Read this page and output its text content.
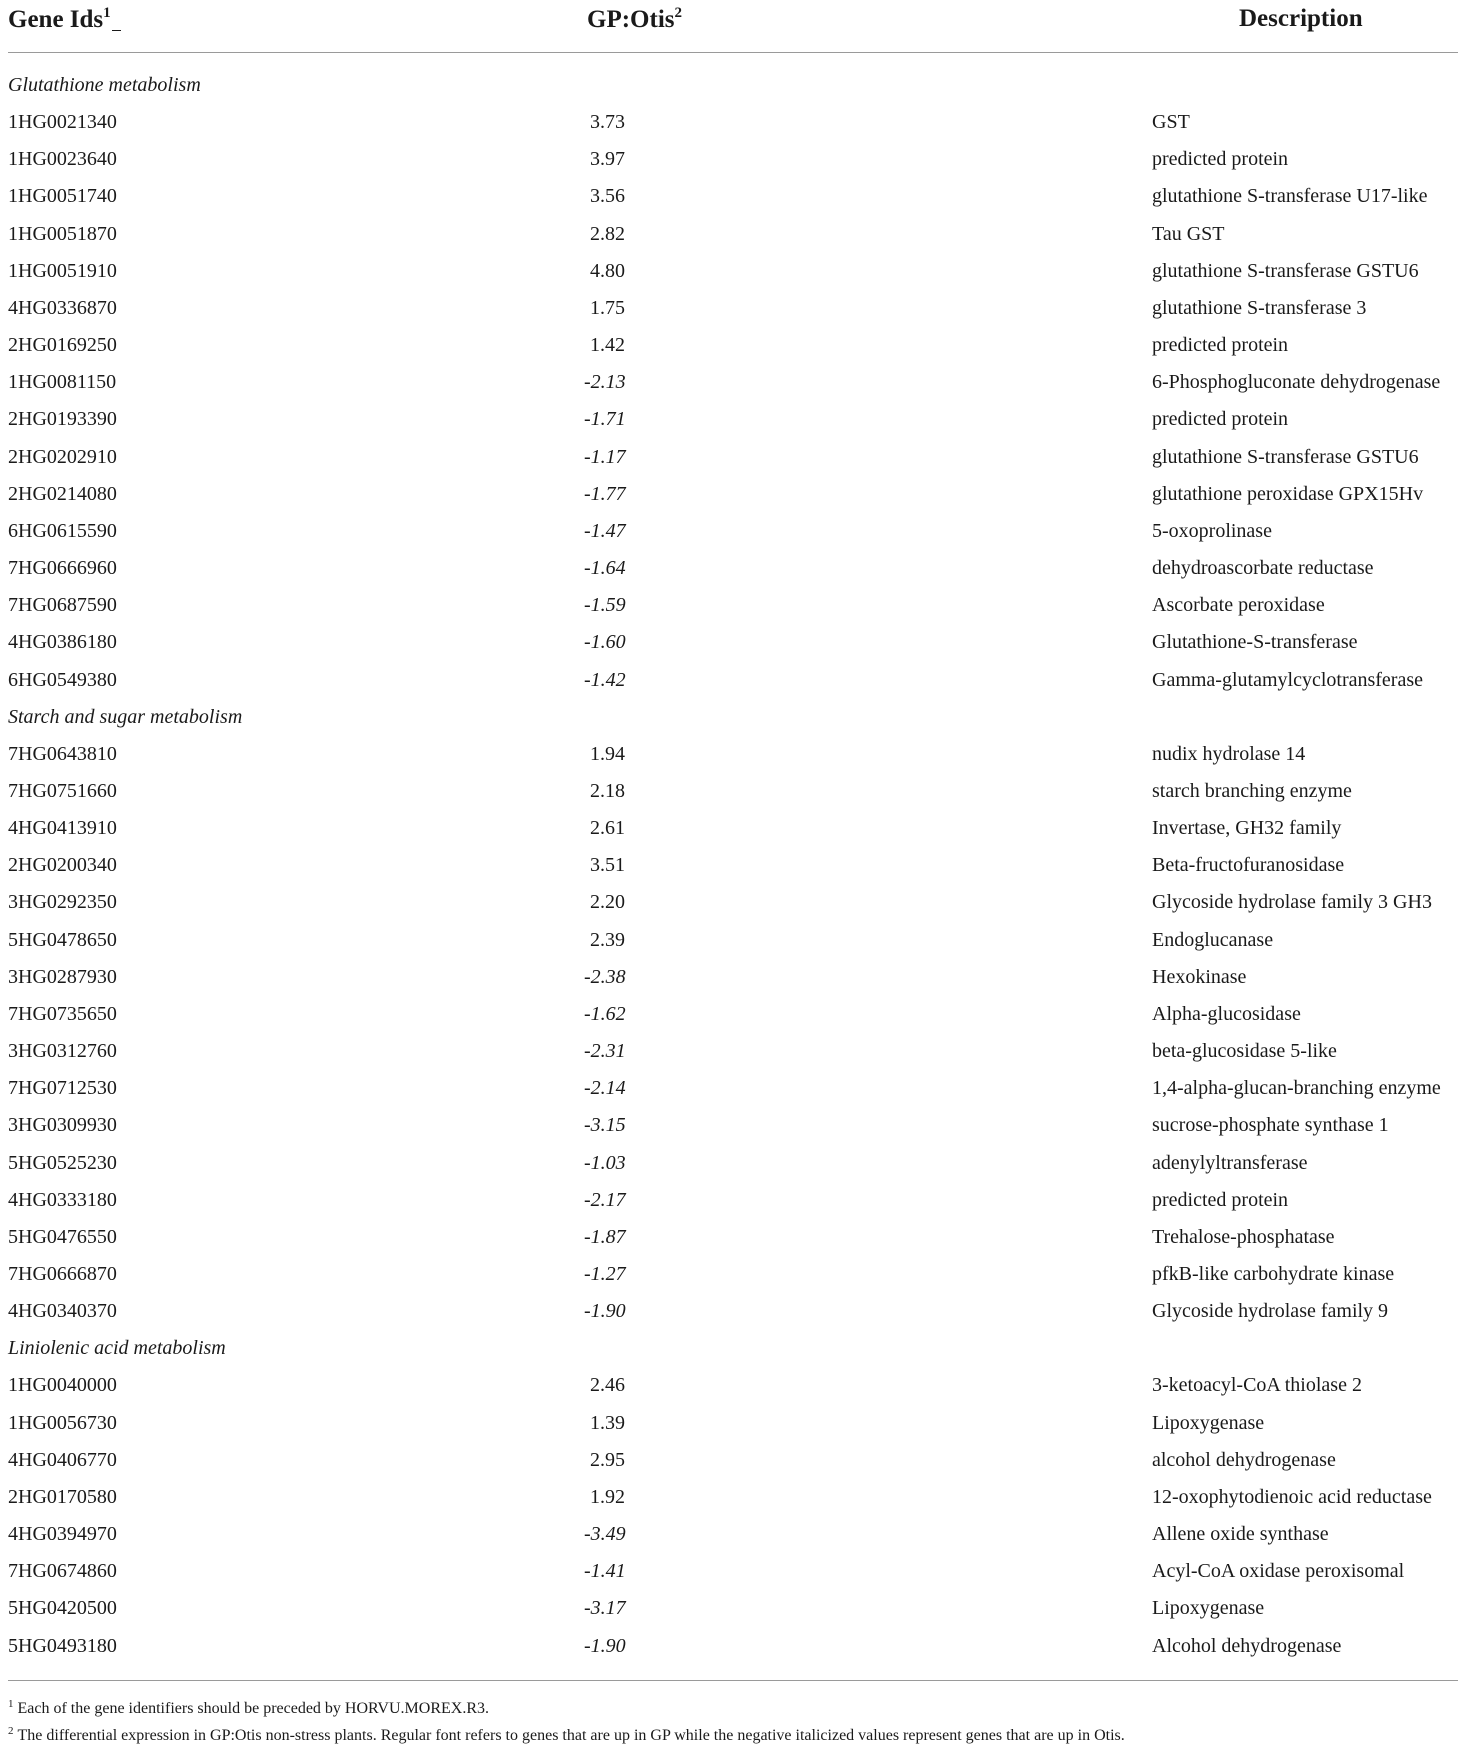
Gene Ids$^1$	GP:Otis$^2$	Description
Glutathione metabolism
1HG0021340	3.73	GST
1HG0023640	3.97	predicted protein
1HG0051740	3.56	glutathione S-transferase U17-like
1HG0051870	2.82	Tau GST
1HG0051910	4.80	glutathione S-transferase GSTU6
4HG0336870	1.75	glutathione S-transferase 3
2HG0169250	1.42	predicted protein
1HG0081150	-2.13	6-Phosphogluconate dehydrogenase
2HG0193390	-1.71	predicted protein
2HG0202910	-1.17	glutathione S-transferase GSTU6
2HG0214080	-1.77	glutathione peroxidase GPX15Hv
6HG0615590	-1.47	5-oxoprolinase
7HG0666960	-1.64	dehydroascorbate reductase
7HG0687590	-1.59	Ascorbate peroxidase
4HG0386180	-1.60	Glutathione-S-transferase
6HG0549380	-1.42	Gamma-glutamylcyclotransferase
Starch and sugar metabolism
7HG0643810	1.94	nudix hydrolase 14
7HG0751660	2.18	starch branching enzyme
4HG0413910	2.61	Invertase, GH32 family
2HG0200340	3.51	Beta-fructofuranosidase
3HG0292350	2.20	Glycoside hydrolase family 3 GH3
5HG0478650	2.39	Endoglucanase
3HG0287930	-2.38	Hexokinase
7HG0735650	-1.62	Alpha-glucosidase
3HG0312760	-2.31	beta-glucosidase 5-like
7HG0712530	-2.14	1,4-alpha-glucan-branching enzyme
3HG0309930	-3.15	sucrose-phosphate synthase 1
5HG0525230	-1.03	adenylyltransferase
4HG0333180	-2.17	predicted protein
5HG0476550	-1.87	Trehalose-phosphatase
7HG0666870	-1.27	pfkB-like carbohydrate kinase
4HG0340370	-1.90	Glycoside hydrolase family 9
Liniolenic acid metabolism
1HG0040000	2.46	3-ketoacyl-CoA thiolase 2
1HG0056730	1.39	Lipoxygenase
4HG0406770	2.95	alcohol dehydrogenase
2HG0170580	1.92	12-oxophytodienoic acid reductase
4HG0394970	-3.49	Allene oxide synthase
7HG0674860	-1.41	Acyl-CoA oxidase peroxisomal
5HG0420500	-3.17	Lipoxygenase
5HG0493180	-1.90	Alcohol dehydrogenase
$^1$ Each of the gene identifiers should be preceded by HORVU.MOREX.R3.
$^2$ The differential expression in GP:Otis non-stress plants. Regular font refers to genes that are up in GP while the negative italicized values represent genes that are up in Otis.
